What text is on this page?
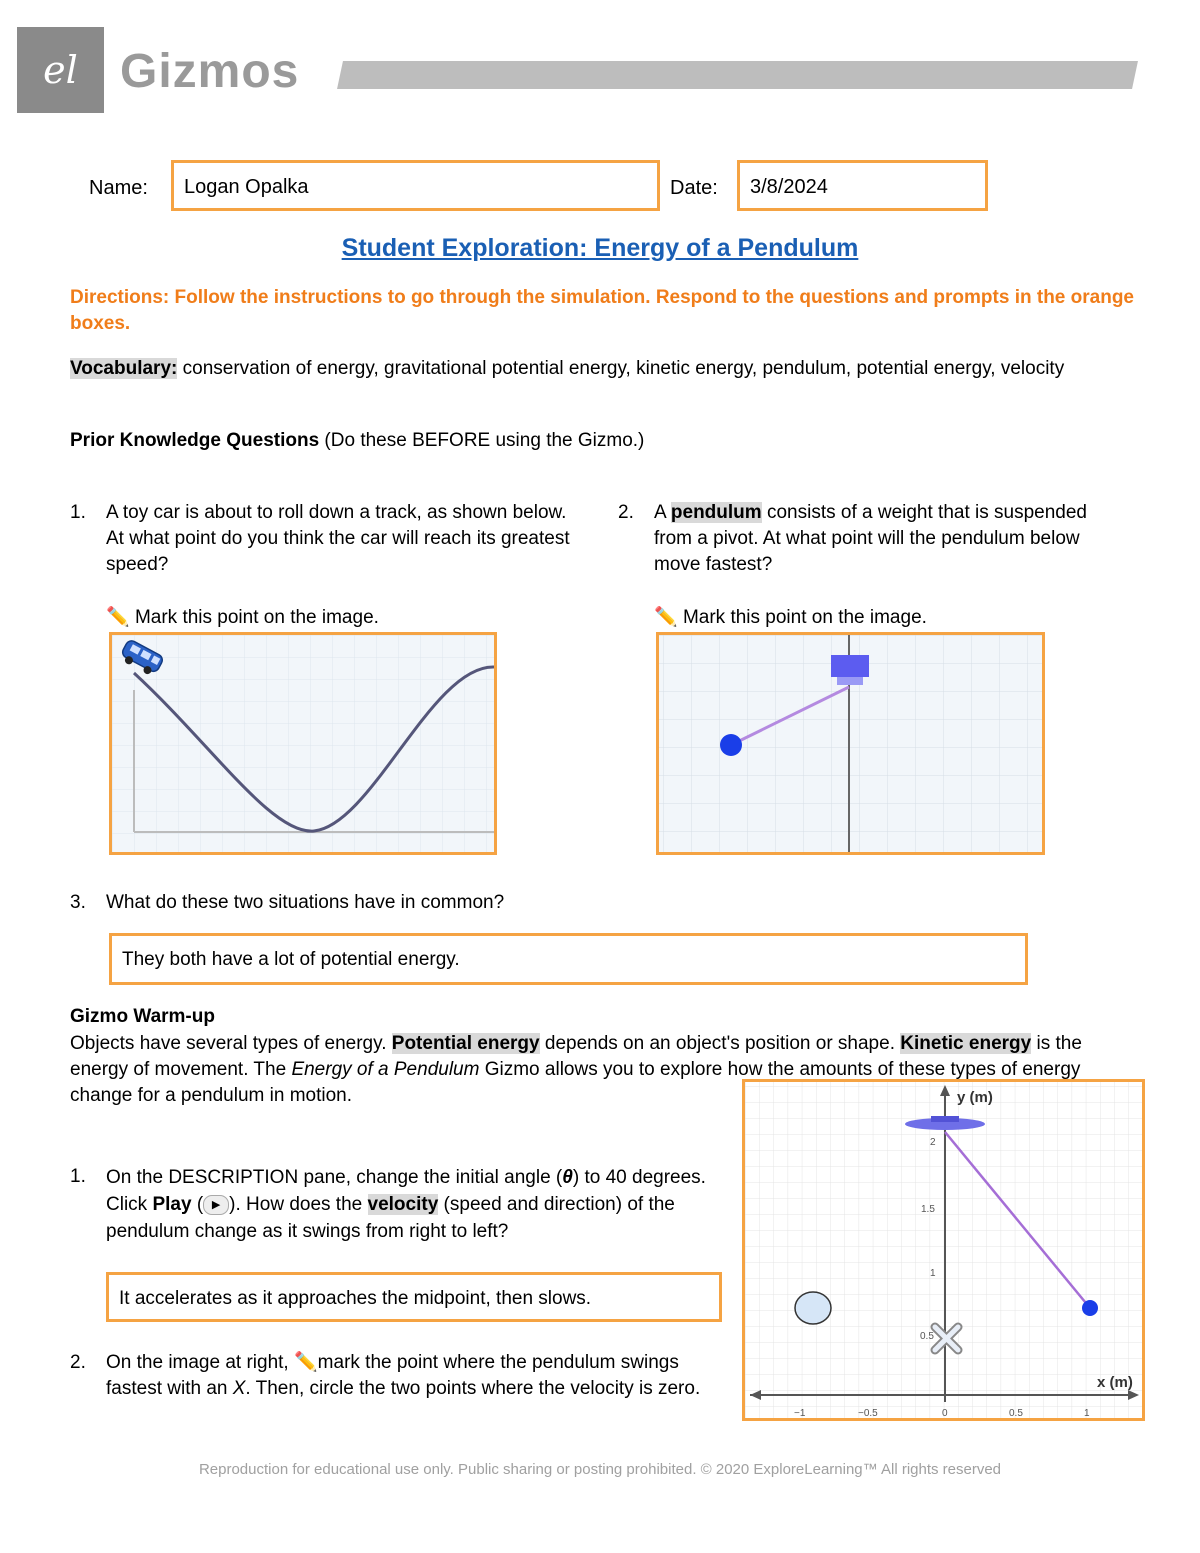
el Gizmos
Name:	Logan Opalka	Date:	3/8/2024
Student Exploration: Energy of a Pendulum
Directions: Follow the instructions to go through the simulation. Respond to the questions and prompts in the orange boxes.
Vocabulary: conservation of energy, gravitational potential energy, kinetic energy, pendulum, potential energy, velocity
Prior Knowledge Questions (Do these BEFORE using the Gizmo.)
1.	A toy car is about to roll down a track, as shown below. At what point do you think the car will reach its greatest speed?
✏️ Mark this point on the image.
2.	A pendulum consists of a weight that is suspended from a pivot. At what point will the pendulum below move fastest?
✏️ Mark this point on the image.
3.	What do these two situations have in common?
They both have a lot of potential energy.
Gizmo Warm-up
Objects have several types of energy. Potential energy depends on an object's position or shape. Kinetic energy is the energy of movement. The Energy of a Pendulum Gizmo allows you to explore how the amounts of these types of energy change for a pendulum in motion.
1.	On the DESCRIPTION pane, change the initial angle (θ) to 40 degrees. Click Play ( ▶ ). How does the velocity (speed and direction) of the pendulum change as it swings from right to left?
It accelerates as it approaches the midpoint, then slows.
2.	On the image at right, ✏️mark the point where the pendulum swings fastest with an X. Then, circle the two points where the velocity is zero.
y (m)
x (m)
−1	−0.5	0	0.5	1
0.5
1
1.5
2
Reproduction for educational use only. Public sharing or posting prohibited. © 2020 ExploreLearning™ All rights reserved
